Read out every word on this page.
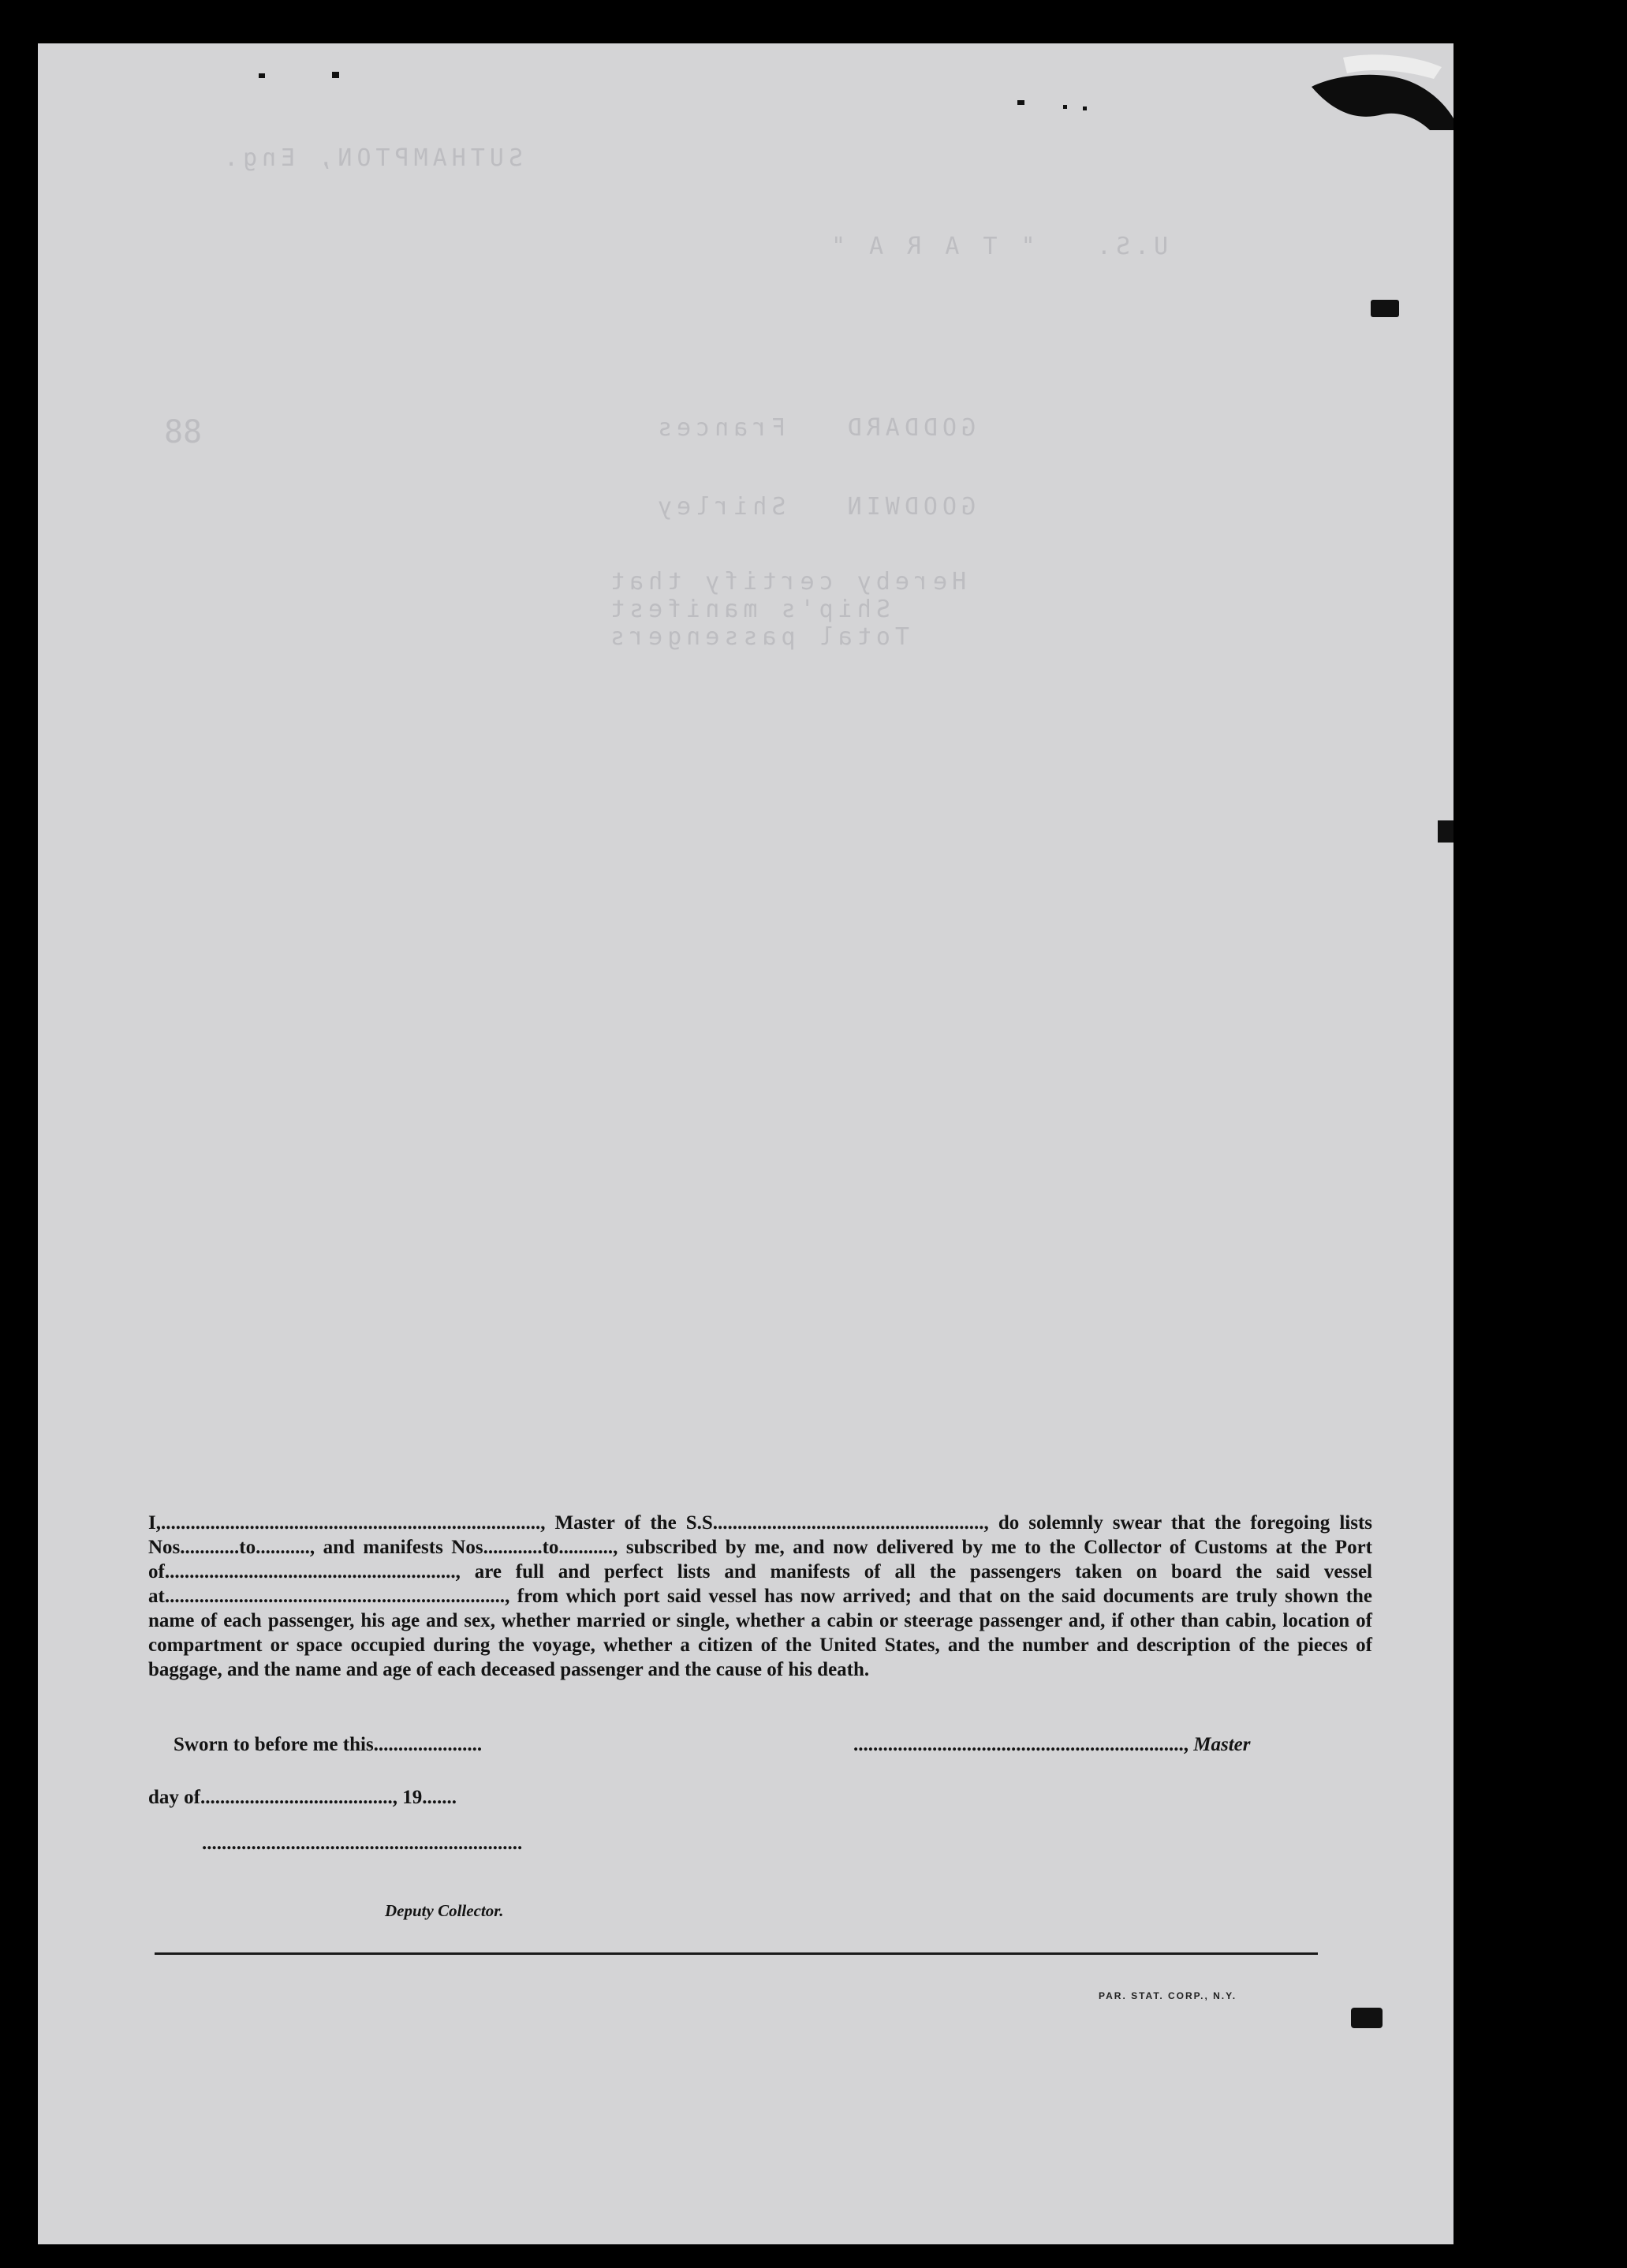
SUTHAMPTON, Eng.
U.S.   " T A R A "
GODDARD   Frances
GOODWIN   Shirley
Hereby certify that
Ship's manifest
Total passengers
88

I,............................................................................., Master of the S.S......................................................., do solemnly swear that the foregoing lists Nos............to..........., and manifests Nos............to..........., subscribed by me, and now delivered by me to the Collector of Customs at the Port of..........................................................., are full and perfect lists and manifests of all the passengers taken on board the said vessel at....................................................................., from which port said vessel has now arrived; and that on the said documents are truly shown the name of each passenger, his age and sex, whether married or single, whether a cabin or steerage passenger and, if other than cabin, location of compartment or space occupied during the voyage, whether a citizen of the United States, and the number and description of the pieces of baggage, and the name and age of each deceased passenger and the cause of his death.

Sworn to before me this......................	..................................................................., Master
day of......................................., 19.......
.................................................................
Deputy Collector.
PAR. STAT. CORP., N.Y.
